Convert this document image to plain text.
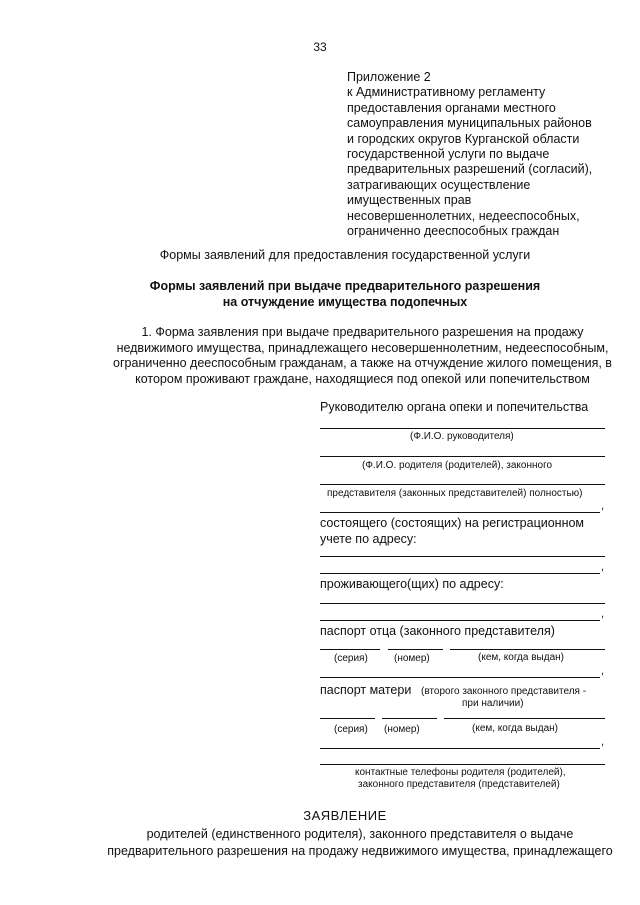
33
Приложение 2
к Административному регламенту
предоставления органами местного
самоуправления муниципальных районов
и городских округов Курганской области
государственной услуги по выдаче
предварительных разрешений (согласий),
затрагивающих осуществление
имущественных прав
несовершеннолетних, недееспособных,
ограниченно дееспособных граждан
Формы заявлений для предоставления государственной услуги
Формы заявлений при выдаче предварительного разрешения
на отчуждение имущества подопечных
1. Форма заявления при выдаче предварительного разрешения на продажу
недвижимого имущества, принадлежащего несовершеннолетним, недееспособным,
ограниченно дееспособным гражданам, а также на отчуждение жилого помещения, в
котором проживают граждане, находящиеся под опекой или попечительством
Руководителю органа опеки и попечительства
(Ф.И.О. руководителя)
(Ф.И.О. родителя (родителей), законного
представителя (законных представителей) полностью)
,
состоящего (состоящих) на регистрационном
учете по адресу:
,
проживающего(щих) по адресу:
,
паспорт отца (законного представителя)
(серия)	(номер)	(кем, когда выдан)
,
паспорт матери (второго законного представителя -
при наличии)
(серия) (номер)	(кем, когда выдан)
,
контактные телефоны родителя (родителей),
законного представителя (представителей)
ЗАЯВЛЕНИЕ
родителей (единственного родителя), законного представителя о выдаче
предварительного разрешения на продажу недвижимого имущества, принадлежащего
